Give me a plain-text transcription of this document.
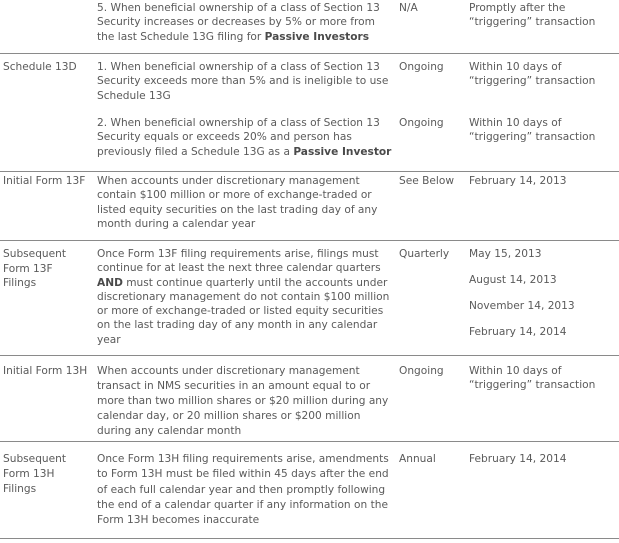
5. When beneficial ownership of a class of Section 13
Security increases or decreases by 5% or more from
the last Schedule 13G filing for Passive Investors
N/A	Promptly after the
“triggering” transaction
Schedule 13D 1. When beneficial ownership of a class of Section 13
Security exceeds more than 5% and is ineligible to use
Schedule 13G
Ongoing Within 10 days of
“triggering” transaction
2. When beneficial ownership of a class of Section 13
Security equals or exceeds 20% and person has
previously filed a Schedule 13G as a Passive Investor
Ongoing Within 10 days of
“triggering” transaction
Initial Form 13F When accounts under discretionary management
contain $100 million or more of exchange-traded or
listed equity securities on the last trading day of any
month during a calendar year
See Below February 14, 2013
Subsequent
Form 13F
Filings
Once Form 13F filing requirements arise, filings must
continue for at least the next three calendar quarters
AND must continue quarterly until the accounts under
discretionary management do not contain $100 million
or more of exchange-traded or listed equity securities
on the last trading day of any month in any calendar
year
Quarterly May 15, 2013
August 14, 2013
November 14, 2013
February 14, 2014
Initial Form 13H When accounts under discretionary management
transact in NMS securities in an amount equal to or
more than two million shares or $20 million during any
calendar day, or 20 million shares or $200 million
during any calendar month
Ongoing Within 10 days of
“triggering” transaction
Subsequent
Form 13H
Filings
Once Form 13H filing requirements arise, amendments
to Form 13H must be filed within 45 days after the end
of each full calendar year and then promptly following
the end of a calendar quarter if any information on the
Form 13H becomes inaccurate
Annual	February 14, 2014
